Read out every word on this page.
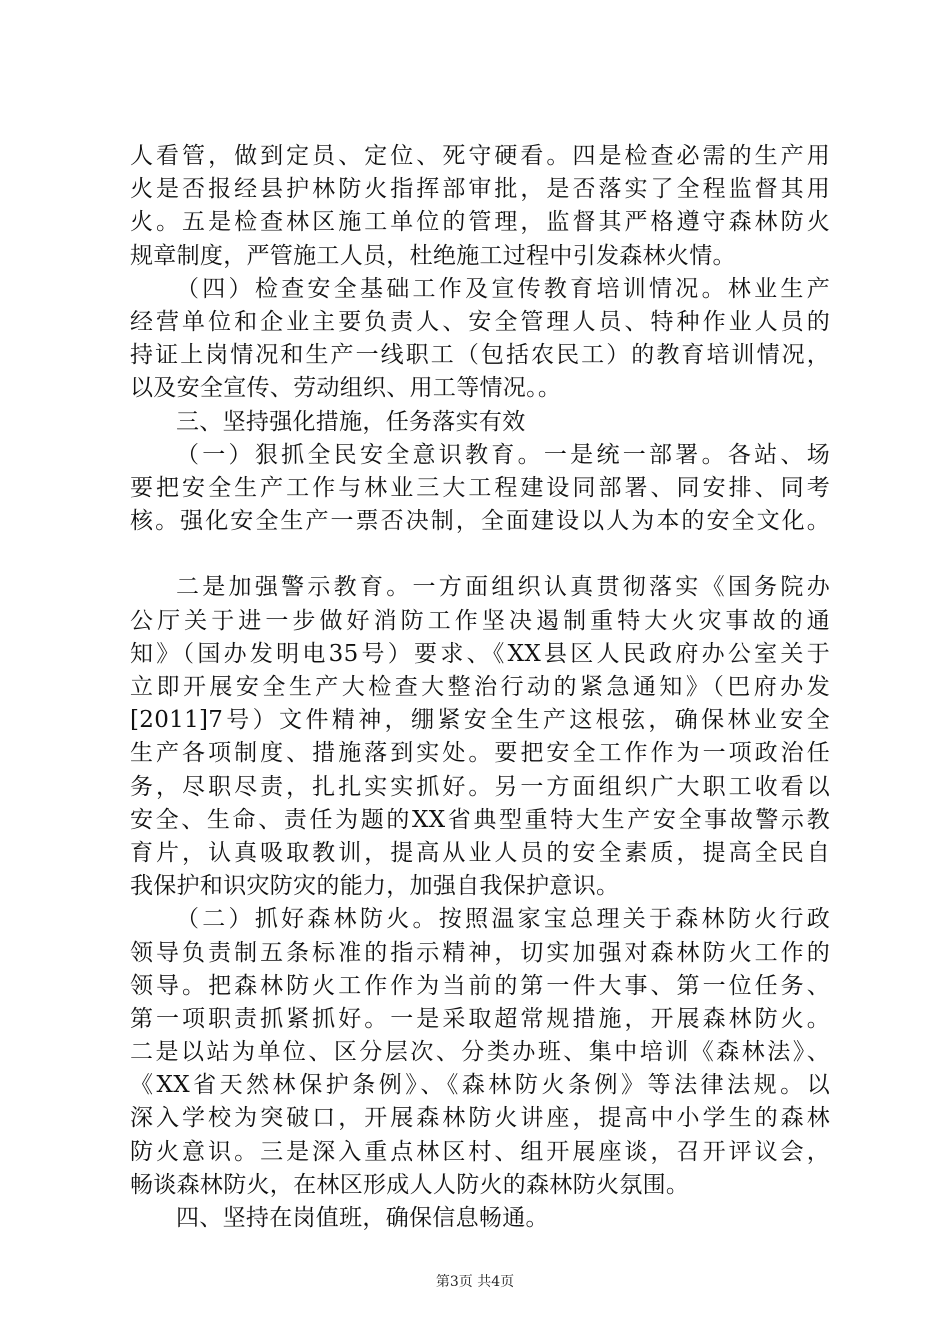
人看管，做到定员、定位、死守硬看。四是检查必需的生产用
火是否报经县护林防火指挥部审批，是否落实了全程监督其用
火。五是检查林区施工单位的管理，监督其严格遵守森林防火
规章制度，严管施工人员，杜绝施工过程中引发森林火情。
（四）检查安全基础工作及宣传教育培训情况。林业生产
经营单位和企业主要负责人、安全管理人员、特种作业人员的
持证上岗情况和生产一线职工（包括农民工）的教育培训情况，
以及安全宣传、劳动组织、用工等情况。。
三、坚持强化措施，任务落实有效
（一）狠抓全民安全意识教育。一是统一部署。各站、场
要把安全生产工作与林业三大工程建设同部署、同安排、同考
核。强化安全生产一票否决制，全面建设以人为本的安全文化。
二是加强警示教育。一方面组织认真贯彻落实《国务院办
公厅关于进一步做好消防工作坚决遏制重特大火灾事故的通
知》（国办发明电35号）要求、《XX县区人民政府办公室关于
立即开展安全生产大检查大整治行动的紧急通知》（巴府办发
[2011]7号）文件精神，绷紧安全生产这根弦，确保林业安全
生产各项制度、措施落到实处。要把安全工作作为一项政治任
务，尽职尽责，扎扎实实抓好。另一方面组织广大职工收看以
安全、生命、责任为题的XX省典型重特大生产安全事故警示教
育片，认真吸取教训，提高从业人员的安全素质，提高全民自
我保护和识灾防灾的能力，加强自我保护意识。
（二）抓好森林防火。按照温家宝总理关于森林防火行政
领导负责制五条标准的指示精神，切实加强对森林防火工作的
领导。把森林防火工作作为当前的第一件大事、第一位任务、
第一项职责抓紧抓好。一是采取超常规措施，开展森林防火。
二是以站为单位、区分层次、分类办班、集中培训《森林法》、
《XX省天然林保护条例》、《森林防火条例》等法律法规。以
深入学校为突破口，开展森林防火讲座，提高中小学生的森林
防火意识。三是深入重点林区村、组开展座谈，召开评议会，
畅谈森林防火，在林区形成人人防火的森林防火氛围。
四、坚持在岗值班，确保信息畅通。
第3页 共4页
